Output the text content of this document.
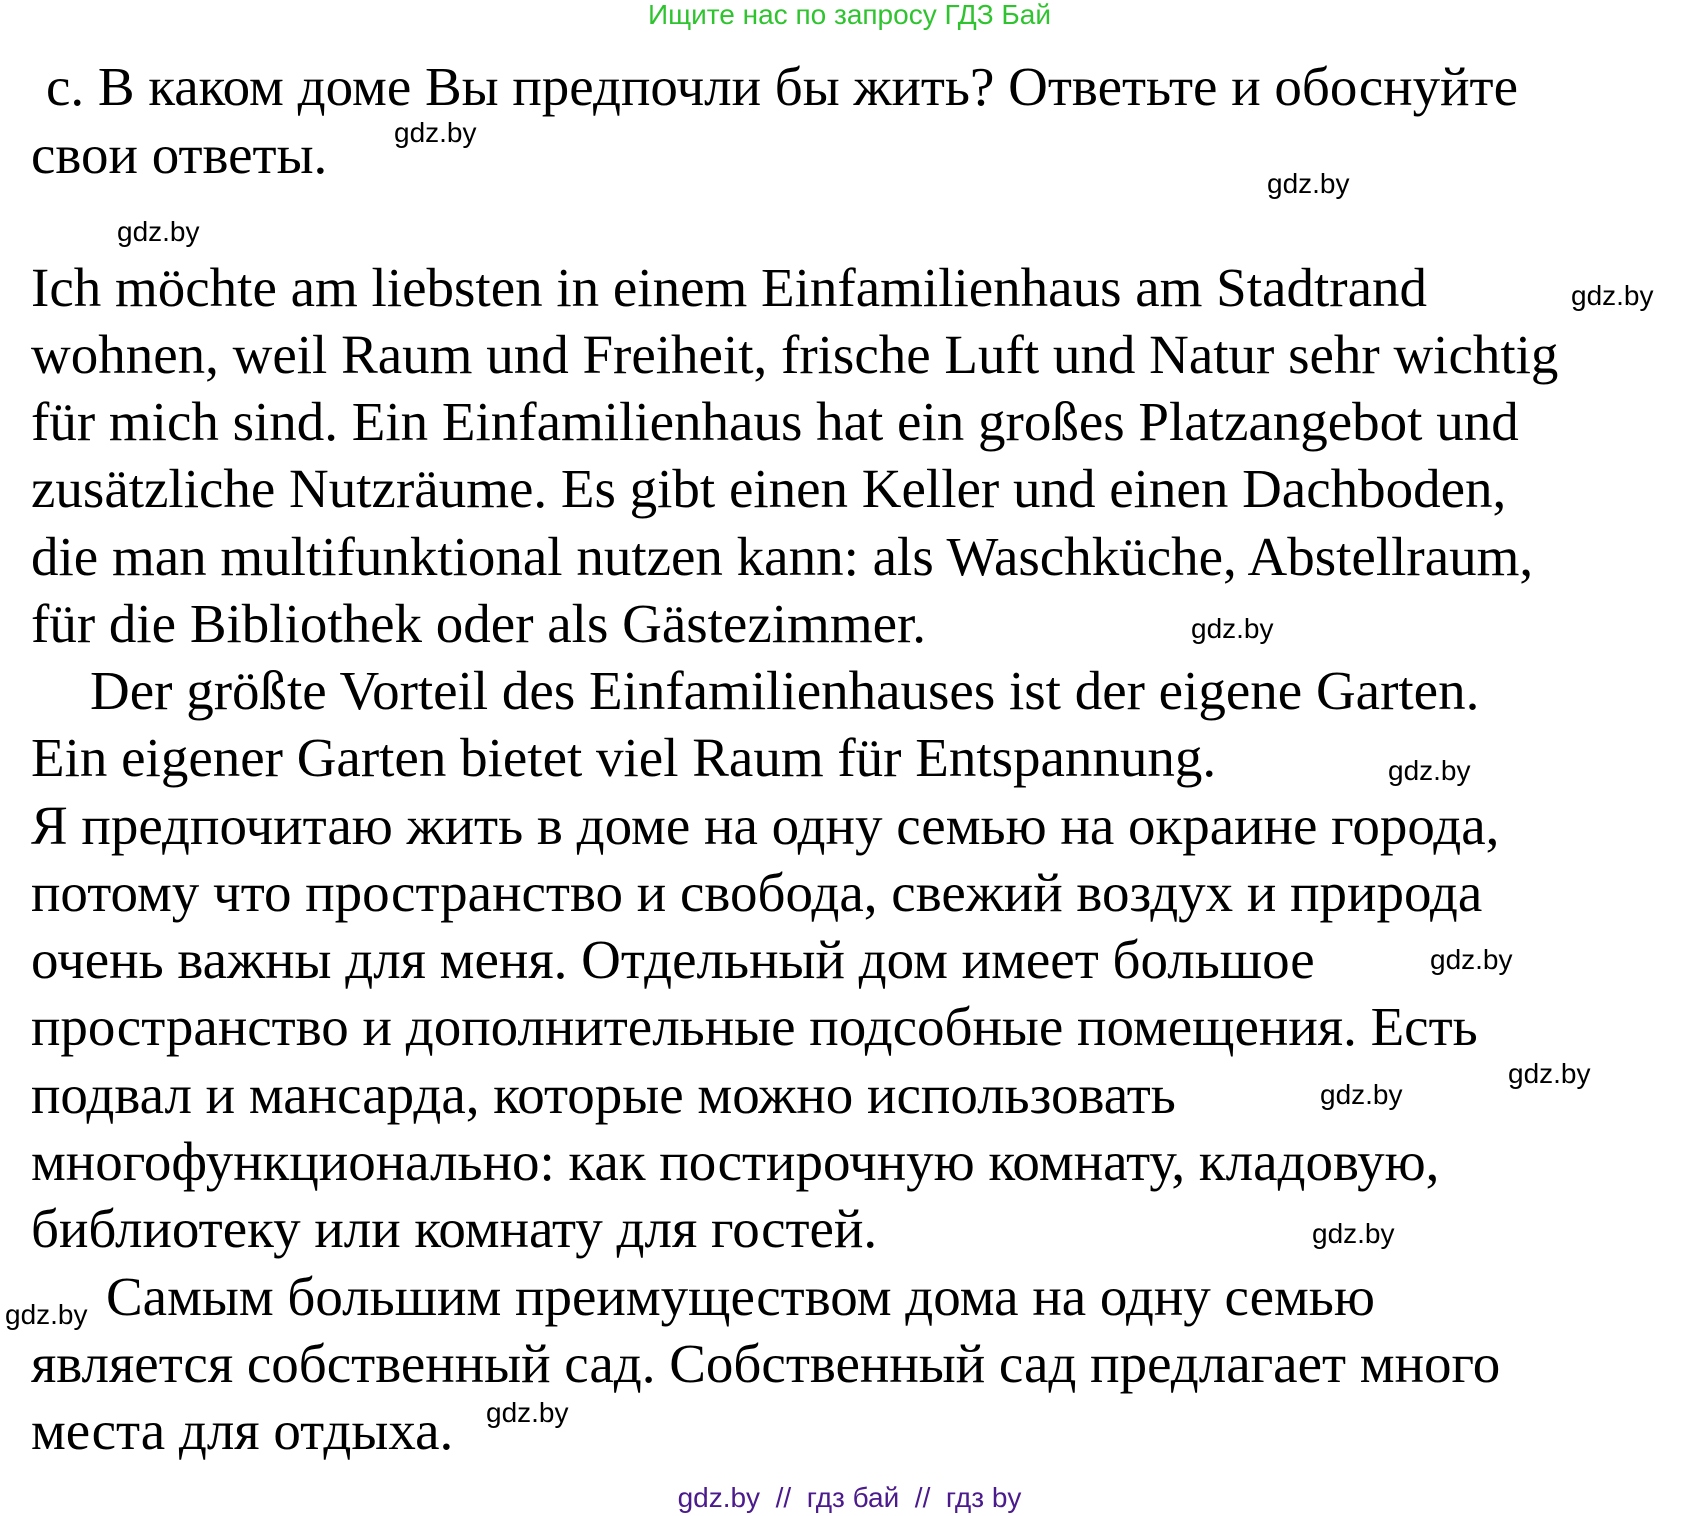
Ищите нас по запросу ГДЗ Бай
с. В каком доме Вы предпочли бы жить? Ответьте и обоснуйте
свои ответы.
Ich möchte am liebsten in einem Einfamilienhaus am Stadtrand
wohnen, weil Raum und Freiheit, frische Luft und Natur sehr wichtig
für mich sind. Ein Einfamilienhaus hat ein großes Platzangebot und
zusätzliche Nutzräume. Es gibt einen Keller und einen Dachboden,
die man multifunktional nutzen kann: als Waschküche, Abstellraum,
für die Bibliothek oder als Gästezimmer.
Der größte Vorteil des Einfamilienhauses ist der eigene Garten.
Ein eigener Garten bietet viel Raum für Entspannung.
Я предпочитаю жить в доме на одну семью на окраине города,
потому что пространство и свобода, свежий воздух и природа
очень важны для меня. Отдельный дом имеет большое
пространство и дополнительные подсобные помещения. Есть
подвал и мансарда, которые можно использовать
многофункционально: как постирочную комнату, кладовую,
библиотеку или комнату для гостей.
Самым большим преимуществом дома на одну семью
является собственный сад. Собственный сад предлагает много
места для отдыха.
gdz.by
gdz.by
gdz.by
gdz.by
gdz.by
gdz.by
gdz.by
gdz.by
gdz.by
gdz.by
gdz.by
gdz.by
gdz.by  //  гдз бай  //  гдз by
